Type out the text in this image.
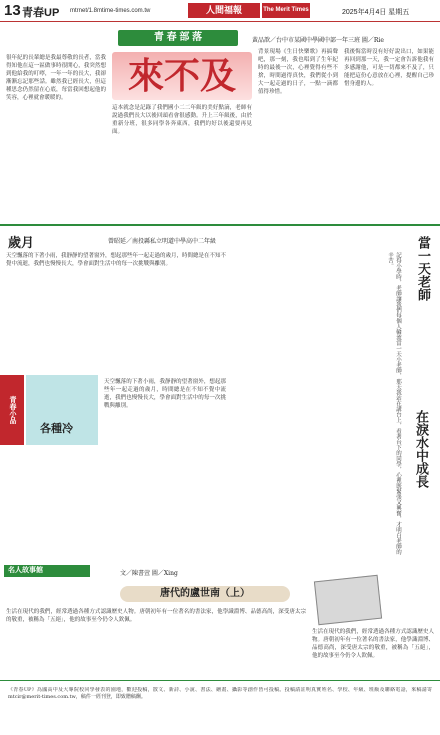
13 青春UP mtrnet/1.8mtime-times.com.tw	人間福報	The Merit Times	2025年4月4日 星期五
青 春 部 落
來不及
黃品歆／台中市某國中學國中部一年三班 圖／Rie
很年紀的長輩總是我最尊敬的長者，當我得知他在這一區做事時很開心，我突然想到他給我的叮嚀，一年一年的長大，我卻漸漸忘記那些話。雖然我已經長大，但這種思念仍然留在心底，每當我回想起他的笑容，心裡就會暖暖的。
這本就念是記錄了我們國小二二年級的美好點滴，老師有說過我們長大以後回頭看會很感動。升上三年級後，由於重新分班，很多同學各奔東西，我們約好以後還要再見面。
背景現場《生日快樂歌》再搞聲吧，那一刻，我也唱到了生年紀時的最後一次，心裡覺得有些不捨，時間過得真快，我們從小到大一起走過的日子，一點一滴都值得珍惜。
我後悔當時沒有好好說出口，如果能再回到那一天，我一定會告訴他我有多感謝他，可是一切都來不及了，只能把這份心意放在心裡，提醒自己珍惜身邊的人。
歲月	曾昭延／南投縣私立明道中學高中二年級
天空飄落的下著小雨，我靜靜的望著窗外，想起那些年一起走過的歲月，時間總是在不知不覺中流逝，我們也慢慢長大，學會面對生活中的每一次挑戰與離別。
青春小品
各種冷	記得小學時，老師讓我們每個人輪流當一天小老師，那天我站在講台上，看著台下的同學，心裡既緊張又興奮，才明白老師的辛苦。	當一天老師
在淚水中成長
天空飄落的下著小雨，我靜靜的望著窗外，想起那些年一起走過的歲月，時間總是在不知不覺中流逝，我們也慢慢長大，學會面對生活中的每一次挑戰與離別。
名人故事館	文／陳書萱 圖／Xing
唐代的盧世南（上）
生活在現代的我們，經常透過各種方式認識歷史人物。唐朝初年有一位著名的書法家，他學識淵博、品德高尚，深受唐太宗的敬重，被稱為「五絕」，他的故事至今仍令人欽佩。
生活在現代的我們，經常透過各種方式認識歷史人物。唐朝初年有一位著名的書法家，他學識淵博、品德高尚，深受唐太宗的敬重，被稱為「五絕」，他的故事至今仍令人欽佩。
《青春UP》為國高中及大專院校同學發表的園地，歡迎投稿，散文、新詩、小說、書法、繪畫、攝影等創作皆可投稿。投稿請註明真實姓名、學校、年級、班級及聯絡電話，來稿請寄 mtcir@merit-times.com.tw，稿件一經刊登，即致贈稿酬。
